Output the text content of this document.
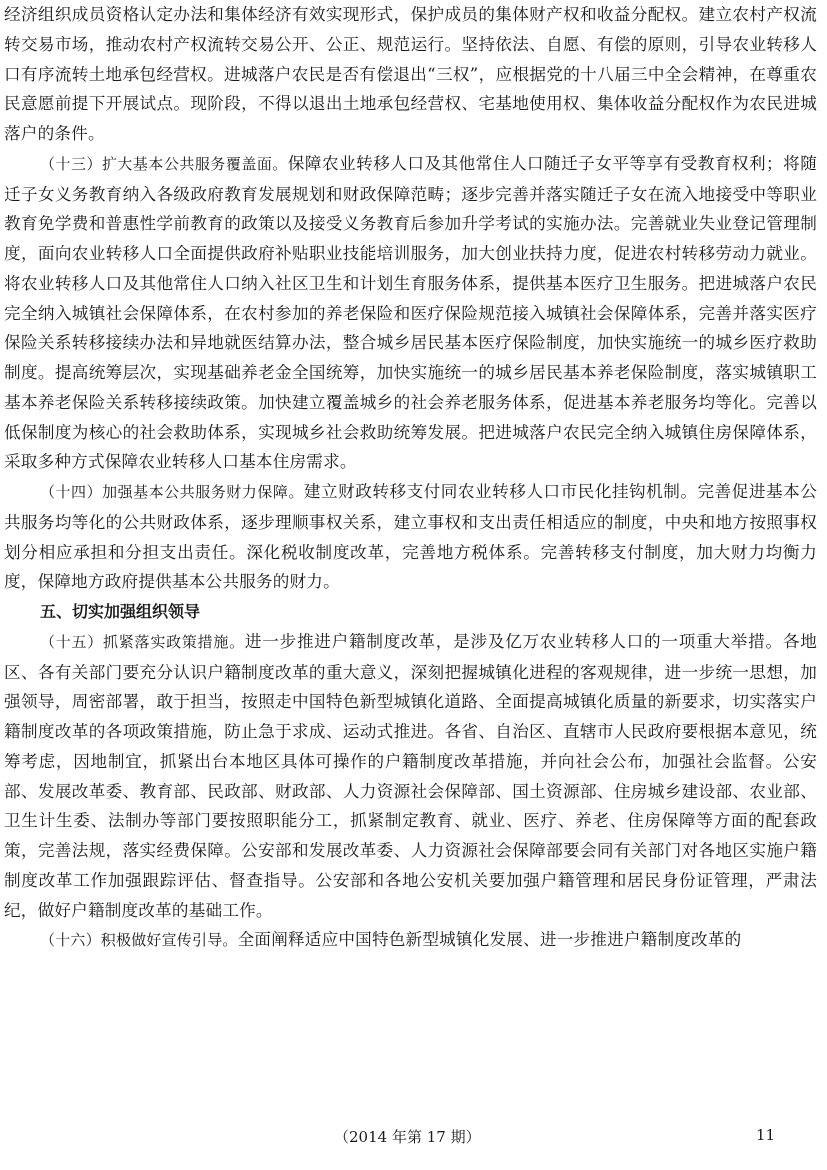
经济组织成员资格认定办法和集体经济有效实现形式，保护成员的集体财产权和收益分配权。建立农村产权流转交易市场，推动农村产权流转交易公开、公正、规范运行。坚持依法、自愿、有偿的原则，引导农业转移人口有序流转土地承包经营权。进城落户农民是否有偿退出“三权”，应根据党的十八届三中全会精神，在尊重农民意愿前提下开展试点。现阶段，不得以退出土地承包经营权、宅基地使用权、集体收益分配权作为农民进城落户的条件。

（十三）扩大基本公共服务覆盖面。保障农业转移人口及其他常住人口随迁子女平等享有受教育权利；将随迁子女义务教育纳入各级政府教育发展规划和财政保障范畴；逐步完善并落实随迁子女在流入地接受中等职业教育免学费和普惠性学前教育的政策以及接受义务教育后参加升学考试的实施办法。完善就业失业登记管理制度，面向农业转移人口全面提供政府补贴职业技能培训服务，加大创业扶持力度，促进农村转移劳动力就业。将农业转移人口及其他常住人口纳入社区卫生和计划生育服务体系，提供基本医疗卫生服务。把进城落户农民完全纳入城镇社会保障体系，在农村参加的养老保险和医疗保险规范接入城镇社会保障体系，完善并落实医疗保险关系转移接续办法和异地就医结算办法，整合城乡居民基本医疗保险制度，加快实施统一的城乡医疗救助制度。提高统筹层次，实现基础养老金全国统筹，加快实施统一的城乡居民基本养老保险制度，落实城镇职工基本养老保险关系转移接续政策。加快建立覆盖城乡的社会养老服务体系，促进基本养老服务均等化。完善以低保制度为核心的社会救助体系，实现城乡社会救助统筹发展。把进城落户农民完全纳入城镇住房保障体系，采取多种方式保障农业转移人口基本住房需求。

（十四）加强基本公共服务财力保障。建立财政转移支付同农业转移人口市民化挂钩机制。完善促进基本公共服务均等化的公共财政体系，逐步理顺事权关系，建立事权和支出责任相适应的制度，中央和地方按照事权划分相应承担和分担支出责任。深化税收制度改革，完善地方税体系。完善转移支付制度，加大财力均衡力度，保障地方政府提供基本公共服务的财力。

五、切实加强组织领导

（十五）抓紧落实政策措施。进一步推进户籍制度改革，是涉及亿万农业转移人口的一项重大举措。各地区、各有关部门要充分认识户籍制度改革的重大意义，深刻把握城镇化进程的客观规律，进一步统一思想，加强领导，周密部署，敢于担当，按照走中国特色新型城镇化道路、全面提高城镇化质量的新要求，切实落实户籍制度改革的各项政策措施，防止急于求成、运动式推进。各省、自治区、直辖市人民政府要根据本意见，统筹考虑，因地制宜，抓紧出台本地区具体可操作的户籍制度改革措施，并向社会公布，加强社会监督。公安部、发展改革委、教育部、民政部、财政部、人力资源社会保障部、国土资源部、住房城乡建设部、农业部、卫生计生委、法制办等部门要按照职能分工，抓紧制定教育、就业、医疗、养老、住房保障等方面的配套政策，完善法规，落实经费保障。公安部和发展改革委、人力资源社会保障部要会同有关部门对各地区实施户籍制度改革工作加强跟踪评估、督查指导。公安部和各地公安机关要加强户籍管理和居民身份证管理，严肃法纪，做好户籍制度改革的基础工作。

（十六）积极做好宣传引导。全面阐释适应中国特色新型城镇化发展、进一步推进户籍制度改革的

（2014 年第 17 期）	11
